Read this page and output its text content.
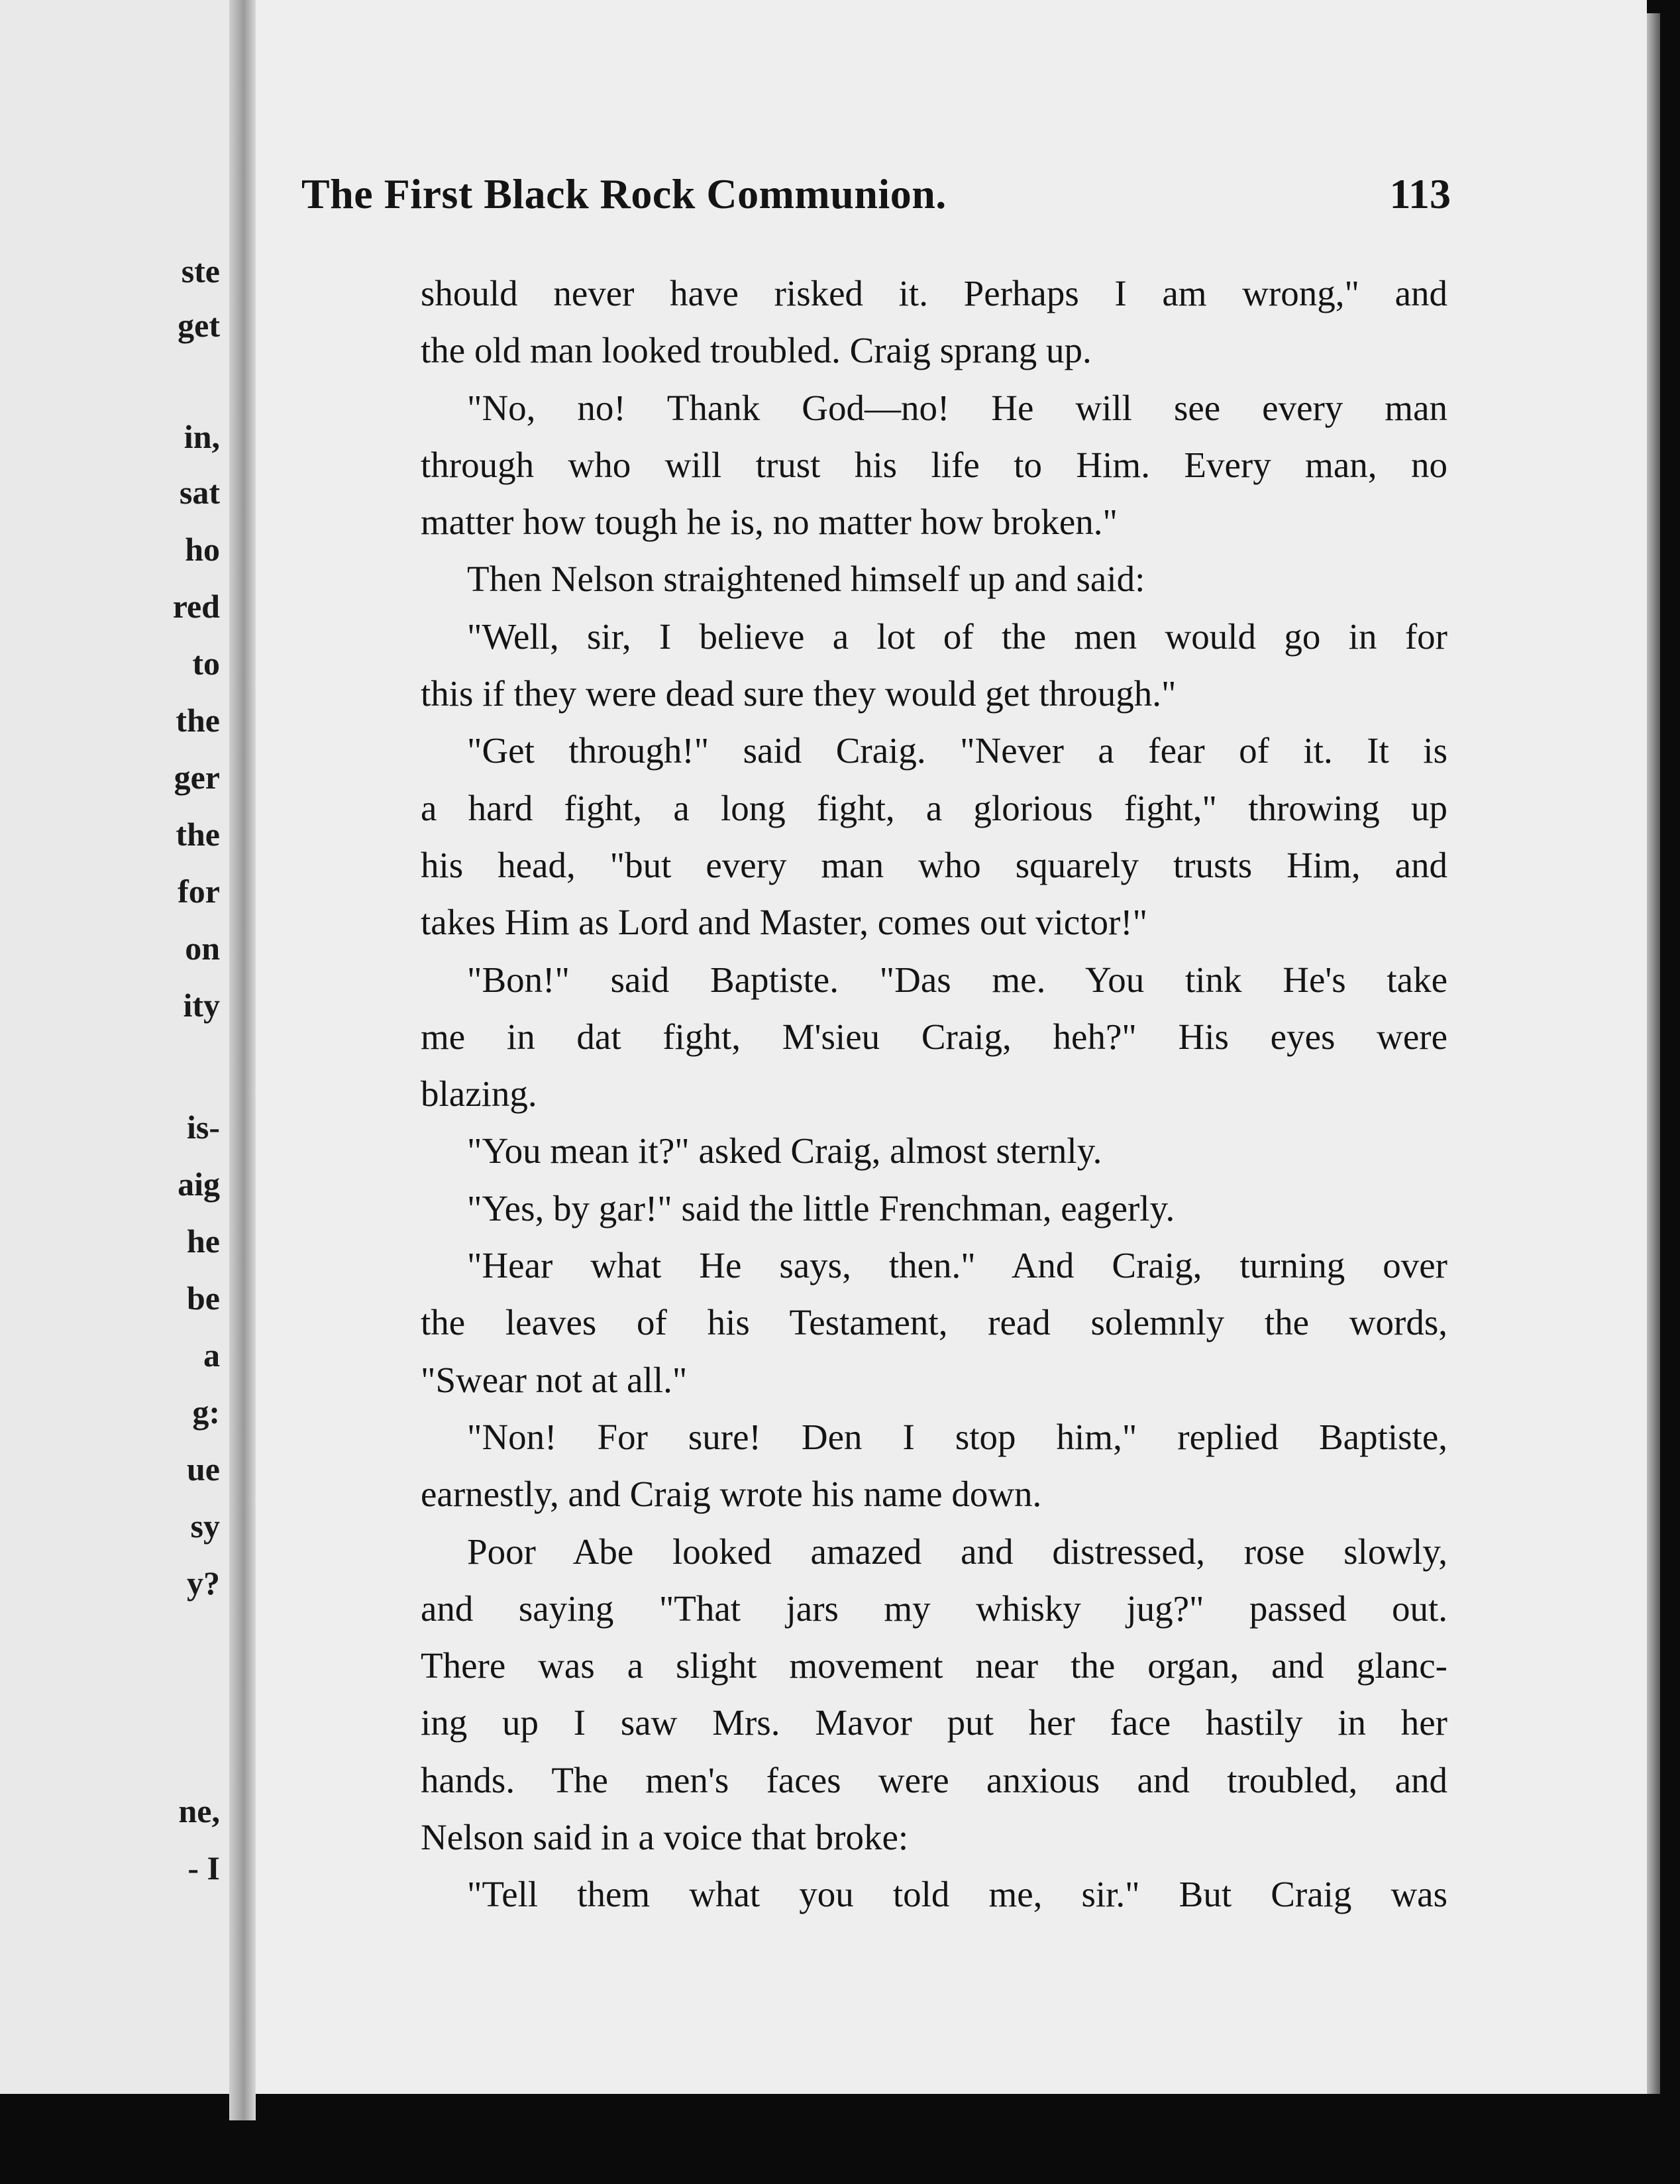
ste
get
in,
sat
ho
red
to
the
ger
the
for
on
ity
is-
aig
he
be
a
g:
ue
sy
y?
ne,
- I
The First Black Rock Communion.	113
should never have risked it. Perhaps I am wrong," and
the old man looked troubled. Craig sprang up.
"No, no! Thank God—no! He will see every man
through who will trust his life to Him. Every man, no
matter how tough he is, no matter how broken."
Then Nelson straightened himself up and said:
"Well, sir, I believe a lot of the men would go in for
this if they were dead sure they would get through."
"Get through!" said Craig. "Never a fear of it. It is
a hard fight, a long fight, a glorious fight," throwing up
his head, "but every man who squarely trusts Him, and
takes Him as Lord and Master, comes out victor!"
"Bon!" said Baptiste. "Das me. You tink He's take
me in dat fight, M'sieu Craig, heh?" His eyes were
blazing.
"You mean it?" asked Craig, almost sternly.
"Yes, by gar!" said the little Frenchman, eagerly.
"Hear what He says, then." And Craig, turning over
the leaves of his Testament, read solemnly the words,
"Swear not at all."
"Non! For sure! Den I stop him," replied Baptiste,
earnestly, and Craig wrote his name down.
Poor Abe looked amazed and distressed, rose slowly,
and saying "That jars my whisky jug?" passed out.
There was a slight movement near the organ, and glanc-
ing up I saw Mrs. Mavor put her face hastily in her
hands. The men's faces were anxious and troubled, and
Nelson said in a voice that broke:
"Tell them what you told me, sir." But Craig was
